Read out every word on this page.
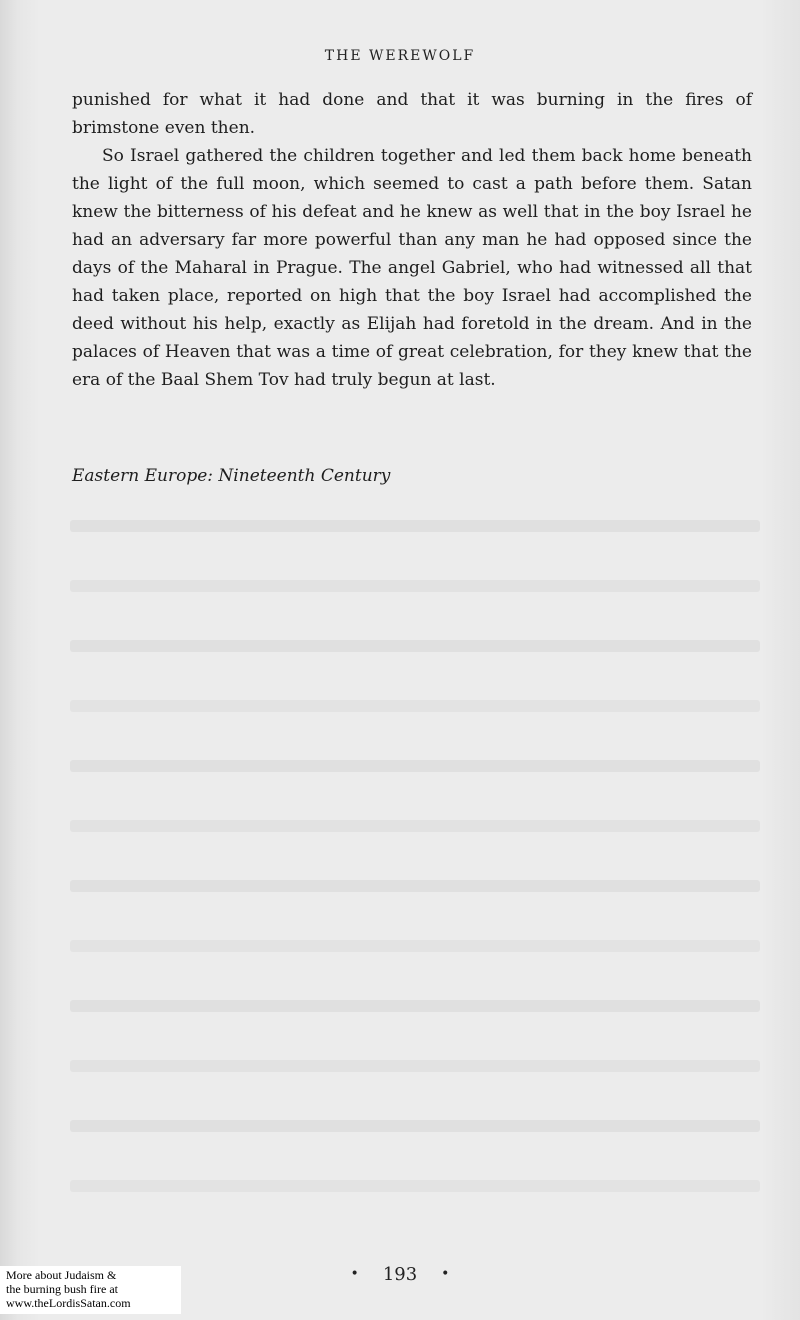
THE WEREWOLF

punished for what it had done and that it was burning in the fires of brimstone even then.

So Israel gathered the children together and led them back home beneath the light of the full moon, which seemed to cast a path before them. Satan knew the bitterness of his defeat and he knew as well that in the boy Israel he had an adversary far more powerful than any man he had opposed since the days of the Maharal in Prague. The angel Gabriel, who had witnessed all that had taken place, reported on high that the boy Israel had accomplished the deed without his help, exactly as Elijah had foretold in the dream. And in the palaces of Heaven that was a time of great celebration, for they knew that the era of the Baal Shem Tov had truly begun at last.

Eastern Europe: Nineteenth Century
• 193 •
More about Judaism &
the burning bush fire at
www.theLordisSatan.com
